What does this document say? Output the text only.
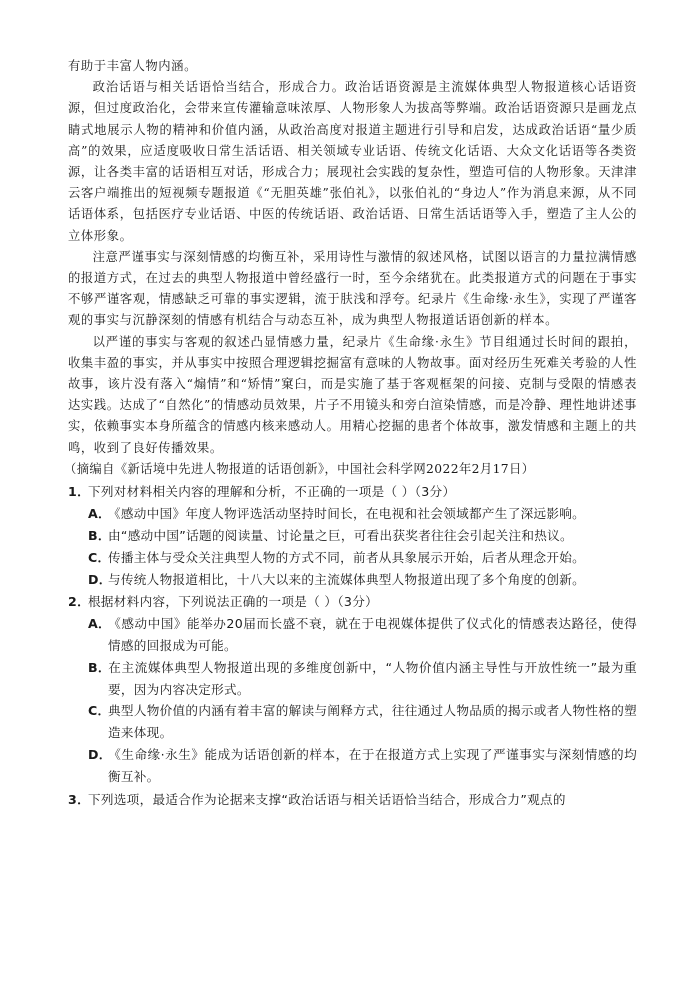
有助于丰富人物内涵。

政治话语与相关话语恰当结合，形成合力。政治话语资源是主流媒体典型人物报道核心话语资源，但过度政治化，会带来宣传灌输意味浓厚、人物形象人为拔高等弊端。政治话语资源只是画龙点睛式地展示人物的精神和价值内涵，从政治高度对报道主题进行引导和启发，达成政治话语“量少质高”的效果，应适度吸收日常生活话语、相关领域专业话语、传统文化话语、大众文化话语等各类资源，让各类丰富的话语相互对话，形成合力；展现社会实践的复杂性，塑造可信的人物形象。天津津云客户端推出的短视频专题报道《“无胆英雄”张伯礼》，以张伯礼的“身边人”作为消息来源，从不同话语体系，包括医疗专业话语、中医的传统话语、政治话语、日常生活话语等入手，塑造了主人公的立体形象。

注意严谨事实与深刻情感的均衡互补，采用诗性与激情的叙述风格，试图以语言的力量拉满情感的报道方式，在过去的典型人物报道中曾经盛行一时，至今余绪犹在。此类报道方式的问题在于事实不够严谨客观，情感缺乏可靠的事实逻辑，流于肤浅和浮夸。纪录片《生命缘·永生》，实现了严谨客观的事实与沉静深刻的情感有机结合与动态互补，成为典型人物报道话语创新的样本。

以严谨的事实与客观的叙述凸显情感力量，纪录片《生命缘·永生》节目组通过长时间的跟拍，收集丰盈的事实，并从事实中按照合理逻辑挖掘富有意味的人物故事。面对经历生死难关考验的人性故事，该片没有落入“煽情”和“矫情”窠臼，而是实施了基于客观框架的问接、克制与受限的情感表达实践。达成了“自然化”的情感动员效果，片子不用镜头和旁白渲染情感，而是冷静、理性地讲述事实，依赖事实本身所蕴含的情感内核来感动人。用精心挖掘的患者个体故事，激发情感和主题上的共鸣，收到了良好传播效果。

（摘编自《新话境中先进人物报道的话语创新》，中国社会科学网2022年2月17日）

1．下列对材料相关内容的理解和分析，不正确的一项是（ ）（3分）
A．《感动中国》年度人物评选活动坚持时间长，在电视和社会领域都产生了深远影响。
B．由“感动中国”话题的阅读量、讨论量之巨，可看出获奖者往往会引起关注和热议。
C．传播主体与受众关注典型人物的方式不同，前者从具象展示开始，后者从理念开始。
D．与传统人物报道相比，十八大以来的主流媒体典型人物报道出现了多个角度的创新。
2．根据材料内容，下列说法正确的一项是（ ）（3分）
A．《感动中国》能举办20届而长盛不衰，就在于电视媒体提供了仪式化的情感表达路径，使得情感的回报成为可能。
B．在主流媒体典型人物报道出现的多维度创新中，“人物价值内涵主导性与开放性统一”最为重要，因为内容决定形式。
C．典型人物价值的内涵有着丰富的解读与阐释方式，往往通过人物品质的揭示或者人物性格的塑造来体现。
D．《生命缘·永生》能成为话语创新的样本，在于在报道方式上实现了严谨事实与深刻情感的均衡互补。
3．下列选项，最适合作为论据来支撑“政治话语与相关话语恰当结合，形成合力”观点的
